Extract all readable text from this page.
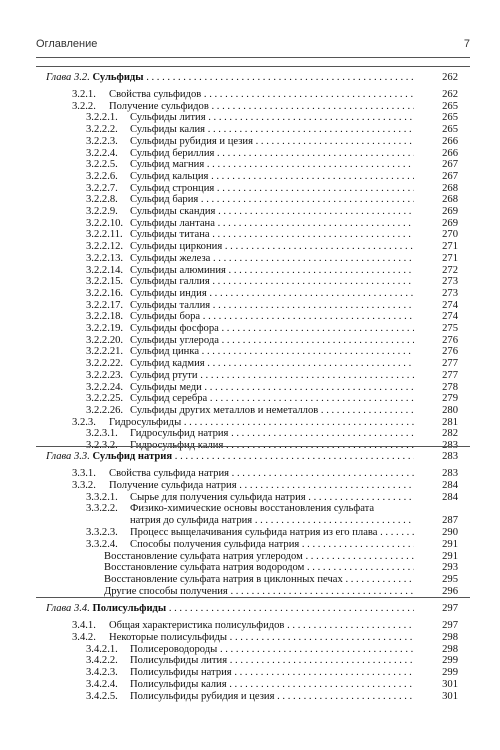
Оглавление	7
Глава 3.2. Сульфиды . . .	262
3.2.1. Свойства сульфидов . . .	262
3.2.2. Получение сульфидов . . .	265
3.2.2.1. Сульфиды лития . . .	265
3.2.2.2. Сульфиды калия . . .	265
3.2.2.3. Сульфиды рубидия и цезия . . .	266
3.2.2.4. Сульфид бериллия . . .	266
3.2.2.5. Сульфид магния . . .	267
3.2.2.6. Сульфид кальция . . .	267
3.2.2.7. Сульфид стронция . . .	268
3.2.2.8. Сульфид бария . . .	268
3.2.2.9. Сульфиды скандия . . .	269
3.2.2.10. Сульфиды лантана . . .	269
3.2.2.11. Сульфиды титана . . .	270
3.2.2.12. Сульфиды циркония . . .	271
3.2.2.13. Сульфиды железа . . .	271
3.2.2.14. Сульфиды алюминия . . .	272
3.2.2.15. Сульфиды галлия . . .	273
3.2.2.16. Сульфиды индия . . .	273
3.2.2.17. Сульфиды таллия . . .	274
3.2.2.18. Сульфиды бора . . .	274
3.2.2.19. Сульфиды фосфора . . .	275
3.2.2.20. Сульфиды углерода . . .	276
3.2.2.21. Сульфид цинка . . .	276
3.2.2.22. Сульфид кадмия . . .	277
3.2.2.23. Сульфид ртути . . .	277
3.2.2.24. Сульфиды меди . . .	278
3.2.2.25. Сульфид серебра . . .	279
3.2.2.26. Сульфиды других металлов и неметаллов . . .	280
3.2.3. Гидросульфиды . . .	281
3.2.3.1. Гидросульфид натрия . . .	282
3.2.3.2. Гидросульфид калия . . .	283
Глава 3.3. Сульфид натрия . . .	283
3.3.1. Свойства сульфида натрия . . .	283
3.3.2. Получение сульфида натрия . . .	284
3.3.2.1. Сырье для получения сульфида натрия . . .	284
3.3.2.2. Физико-химические основы восстановления сульфата
натрия до сульфида натрия . . .	287
3.3.2.3. Процесс выщелачивания сульфида натрия из его плава . . .	290
3.3.2.4. Способы получения сульфида натрия . . .	291
Восстановление сульфата натрия углеродом . . .	291
Восстановление сульфата натрия водородом . . .	293
Восстановление сульфата натрия в циклонных печах . . .	295
Другие способы получения . . .	296
Глава 3.4. Полисульфиды . . .	297
3.4.1. Общая характеристика полисульфидов . . .	297
3.4.2. Некоторые полисульфиды . . .	298
3.4.2.1. Полисероводороды . . .	298
3.4.2.2. Полисульфиды лития . . .	299
3.4.2.3. Полисульфиды натрия . . .	299
3.4.2.4. Полисульфиды калия . . .	301
3.4.2.5. Полисульфиды рубидия и цезия . . .	301
